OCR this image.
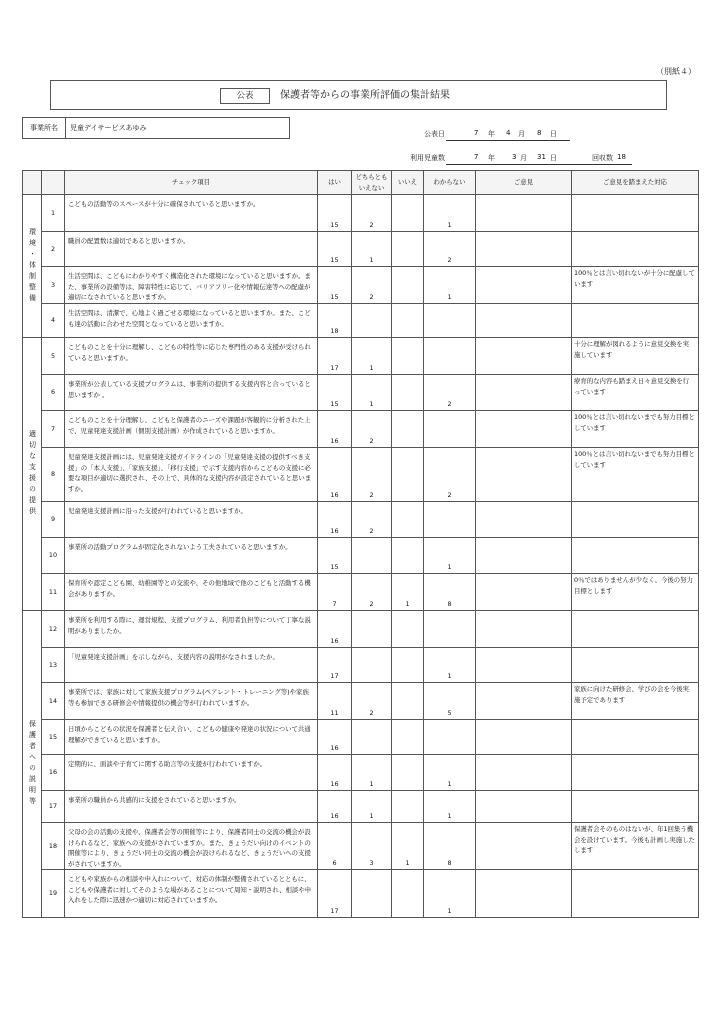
（別紙４）
公表	保護者等からの事業所評価の集計結果
事業所名	児童デイサービスあゆみ
公表日	7 年 4 月 8 日
利用児童数	7 年 3 月 31 日	回収数 18
		チェック項目	はい	どちらともいえない	いいえ	わからない	ご意見	ご意見を踏まえた対応
環境・体制整備	1	こどもの活動等のスペースが十分に確保されていると思いますか。	15	2		1		
	2	職員の配置数は適切であると思いますか。	15	1		2		
	3	生活空間は、こどもにわかりやすく構造化された環境になっていると思いますか。また、事業所の設備等は、障害特性に応じて、バリアフリー化や情報伝達等への配慮が適切になされていると思いますか。	15	2		1		100％とは言い切れないが十分に配慮しています
	4	生活空間は、清潔で、心地よく過ごせる環境になっていると思いますか。また、こども達の活動に合わせた空間となっていると思いますか。	18					
適切な支援の提供	5	こどものことを十分に理解し、こどもの特性等に応じた専門性のある支援が受けられていると思いますか。	17	1				十分に理解が図れるように意見交換を実施しています
	6	事業所が公表している支援プログラムは、事業所の提供する支援内容と合っていると思いますか 。	15	1		2		療育的な内容も踏まえ日々意見交換を行っています
	7	こどものことを十分理解し、こどもと保護者のニーズや課題が客観的に分析された上で、児童発達支援計画（個別支援計画）が作成されていると思いますか。	16	2				100％とは言い切れないまでも努力目標としています
	8	児童発達支援計画には、児童発達支援ガイドラインの「児童発達支援の提供すべき支援」の「本人支援」、「家族支援」、「移行支援」で示す支援内容からこどもの支援に必要な項目が適切に選択され、その上で、具体的な支援内容が設定されていると思いますか。	16	2		2		100％とは言い切れないまでも努力目標としています
	9	児童発達支援計画に沿った支援が行われていると思いますか。	16	2				
	10	事業所の活動プログラムが固定化されないよう工夫されていると思いますか。	15			1		
	11	保育所や認定こども園、幼稚園等との交流や、その他地域で他のこどもと活動する機会がありますか。	7	2	1	8		0％ではありませんが少なく、今後の努力目標とします
保護者への説明等	12	事業所を利用する際に、運営規程、支援プログラム、利用者負担等について丁寧な説明がありましたか。	16					
	13	「児童発達支援計画」を示しながら、支援内容の説明がなされましたか。	17			1		
	14	事業所では、家族に対して家族支援プログラム(ペアレント・トレーニング等)や家族等も参加できる研修会や情報提供の機会等が行われていますか。	11	2		5		家族に向けた研修会、学びの会を今後実施予定であります
	15	日頃からこどもの状況を保護者と伝え合い、こどもの健康や発達の状況について共通理解ができていると思いますか。	16					
	16	定期的に、面談や子育てに関する助言等の支援が行われていますか。	16	1		1		
	17	事業所の職員から共感的に支援をされていると思いますか。	16	1		1		
	18	父母の会の活動の支援や、保護者会等の開催等により、保護者同士の交流の機会が設けられるなど、家族への支援がされていますか。また、きょうだい向けのイベントの開催等により、きょうだい同士の交流の機会が設けられるなど、きょうだいへの支援がされていますか。	6	3	1	8		保護者会そのものはないが、年1回集う機会を設けています。今後も計画し実施したします
	19	こどもや家族からの相談や申入れについて、対応の体制が整備されているとともに、こどもや保護者に対してそのような場があることについて周知・説明され、相談や申入れをした際に迅速かつ適切に対応されていますか。	17			1		
